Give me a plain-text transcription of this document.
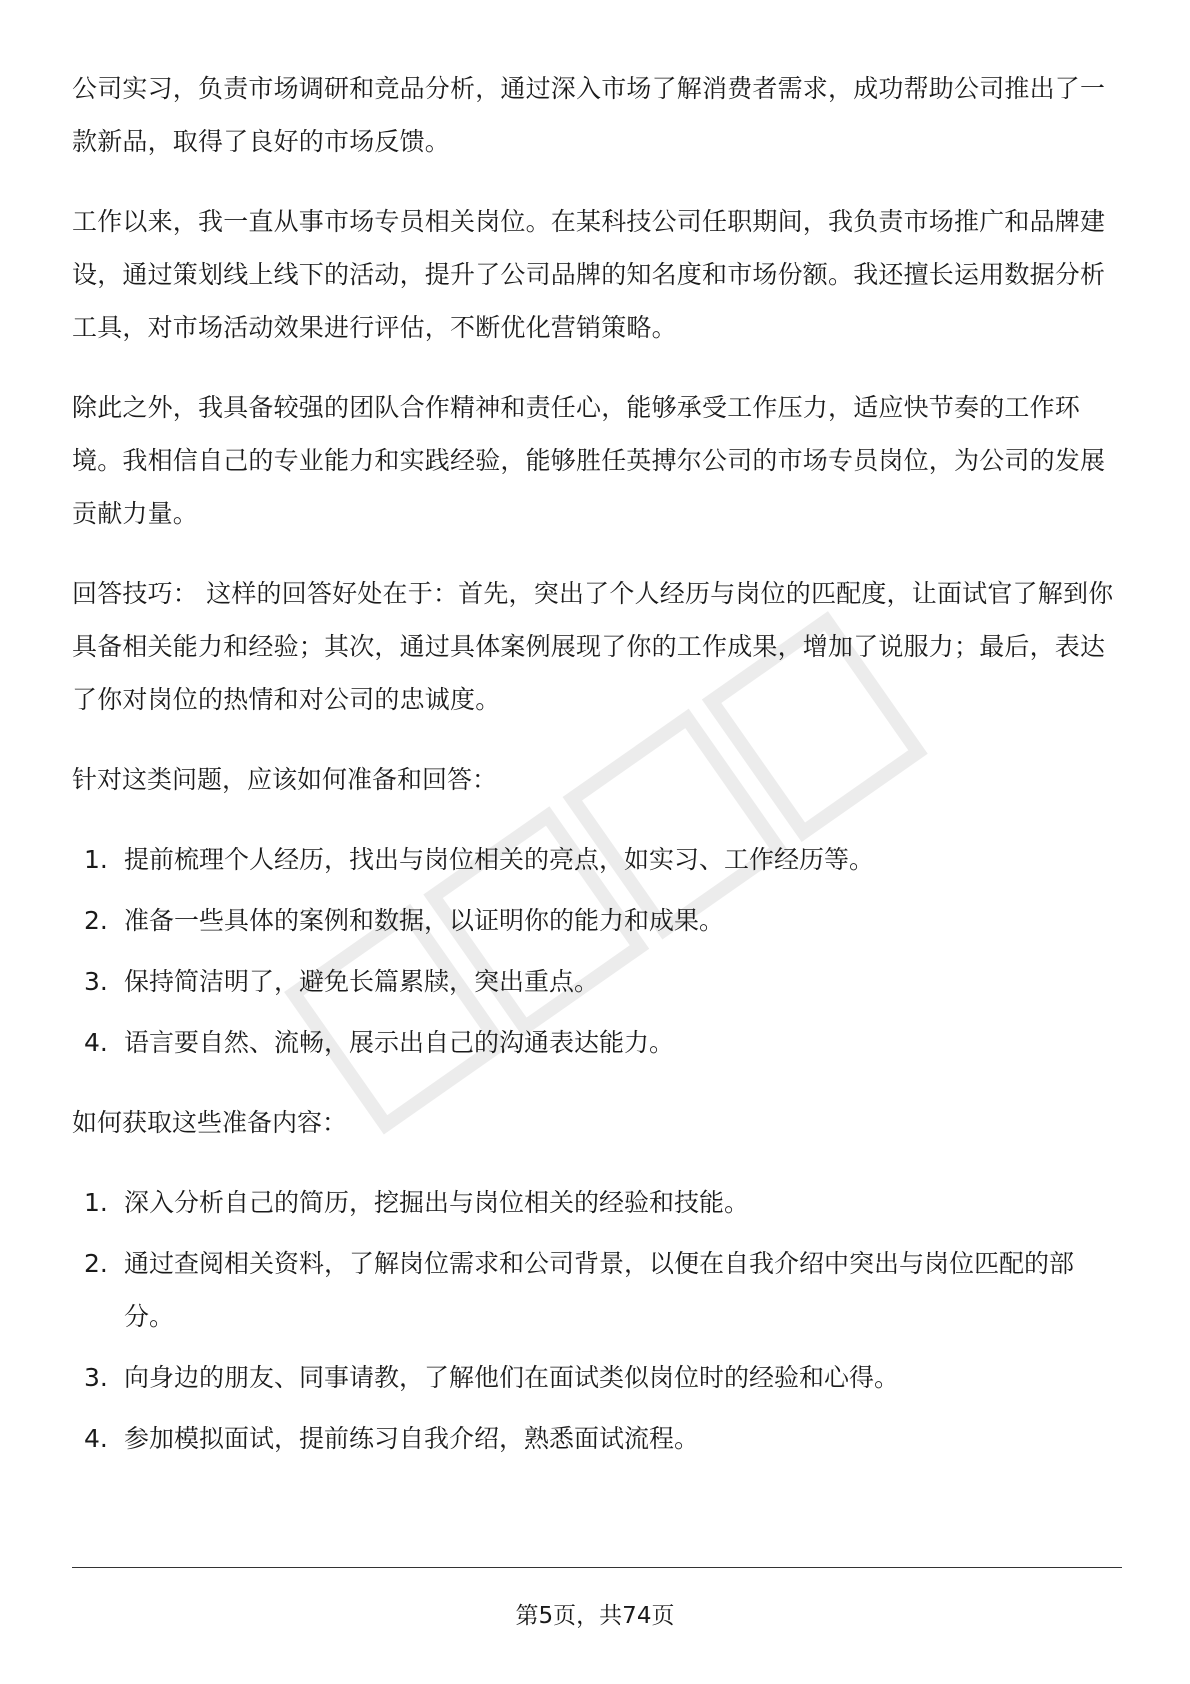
公司实习，负责市场调研和竞品分析，通过深入市场了解消费者需求，成功帮助公司推出了一款新品，取得了良好的市场反馈。

工作以来，我一直从事市场专员相关岗位。在某科技公司任职期间，我负责市场推广和品牌建设，通过策划线上线下的活动，提升了公司品牌的知名度和市场份额。我还擅长运用数据分析工具，对市场活动效果进行评估，不断优化营销策略。

除此之外，我具备较强的团队合作精神和责任心，能够承受工作压力，适应快节奏的工作环境。我相信自己的专业能力和实践经验，能够胜任英搏尔公司的市场专员岗位，为公司的发展贡献力量。

回答技巧： 这样的回答好处在于：首先，突出了个人经历与岗位的匹配度，让面试官了解到你具备相关能力和经验；其次，通过具体案例展现了你的工作成果，增加了说服力；最后，表达了你对岗位的热情和对公司的忠诚度。

针对这类问题，应该如何准备和回答：

1. 提前梳理个人经历，找出与岗位相关的亮点，如实习、工作经历等。
2. 准备一些具体的案例和数据，以证明你的能力和成果。
3. 保持简洁明了，避免长篇累牍，突出重点。
4. 语言要自然、流畅，展示出自己的沟通表达能力。

如何获取这些准备内容：

1. 深入分析自己的简历，挖掘出与岗位相关的经验和技能。
2. 通过查阅相关资料，了解岗位需求和公司背景，以便在自我介绍中突出与岗位匹配的部分。
3. 向身边的朋友、同事请教，了解他们在面试类似岗位时的经验和心得。
4. 参加模拟面试，提前练习自我介绍，熟悉面试流程。
第5页，共74页
